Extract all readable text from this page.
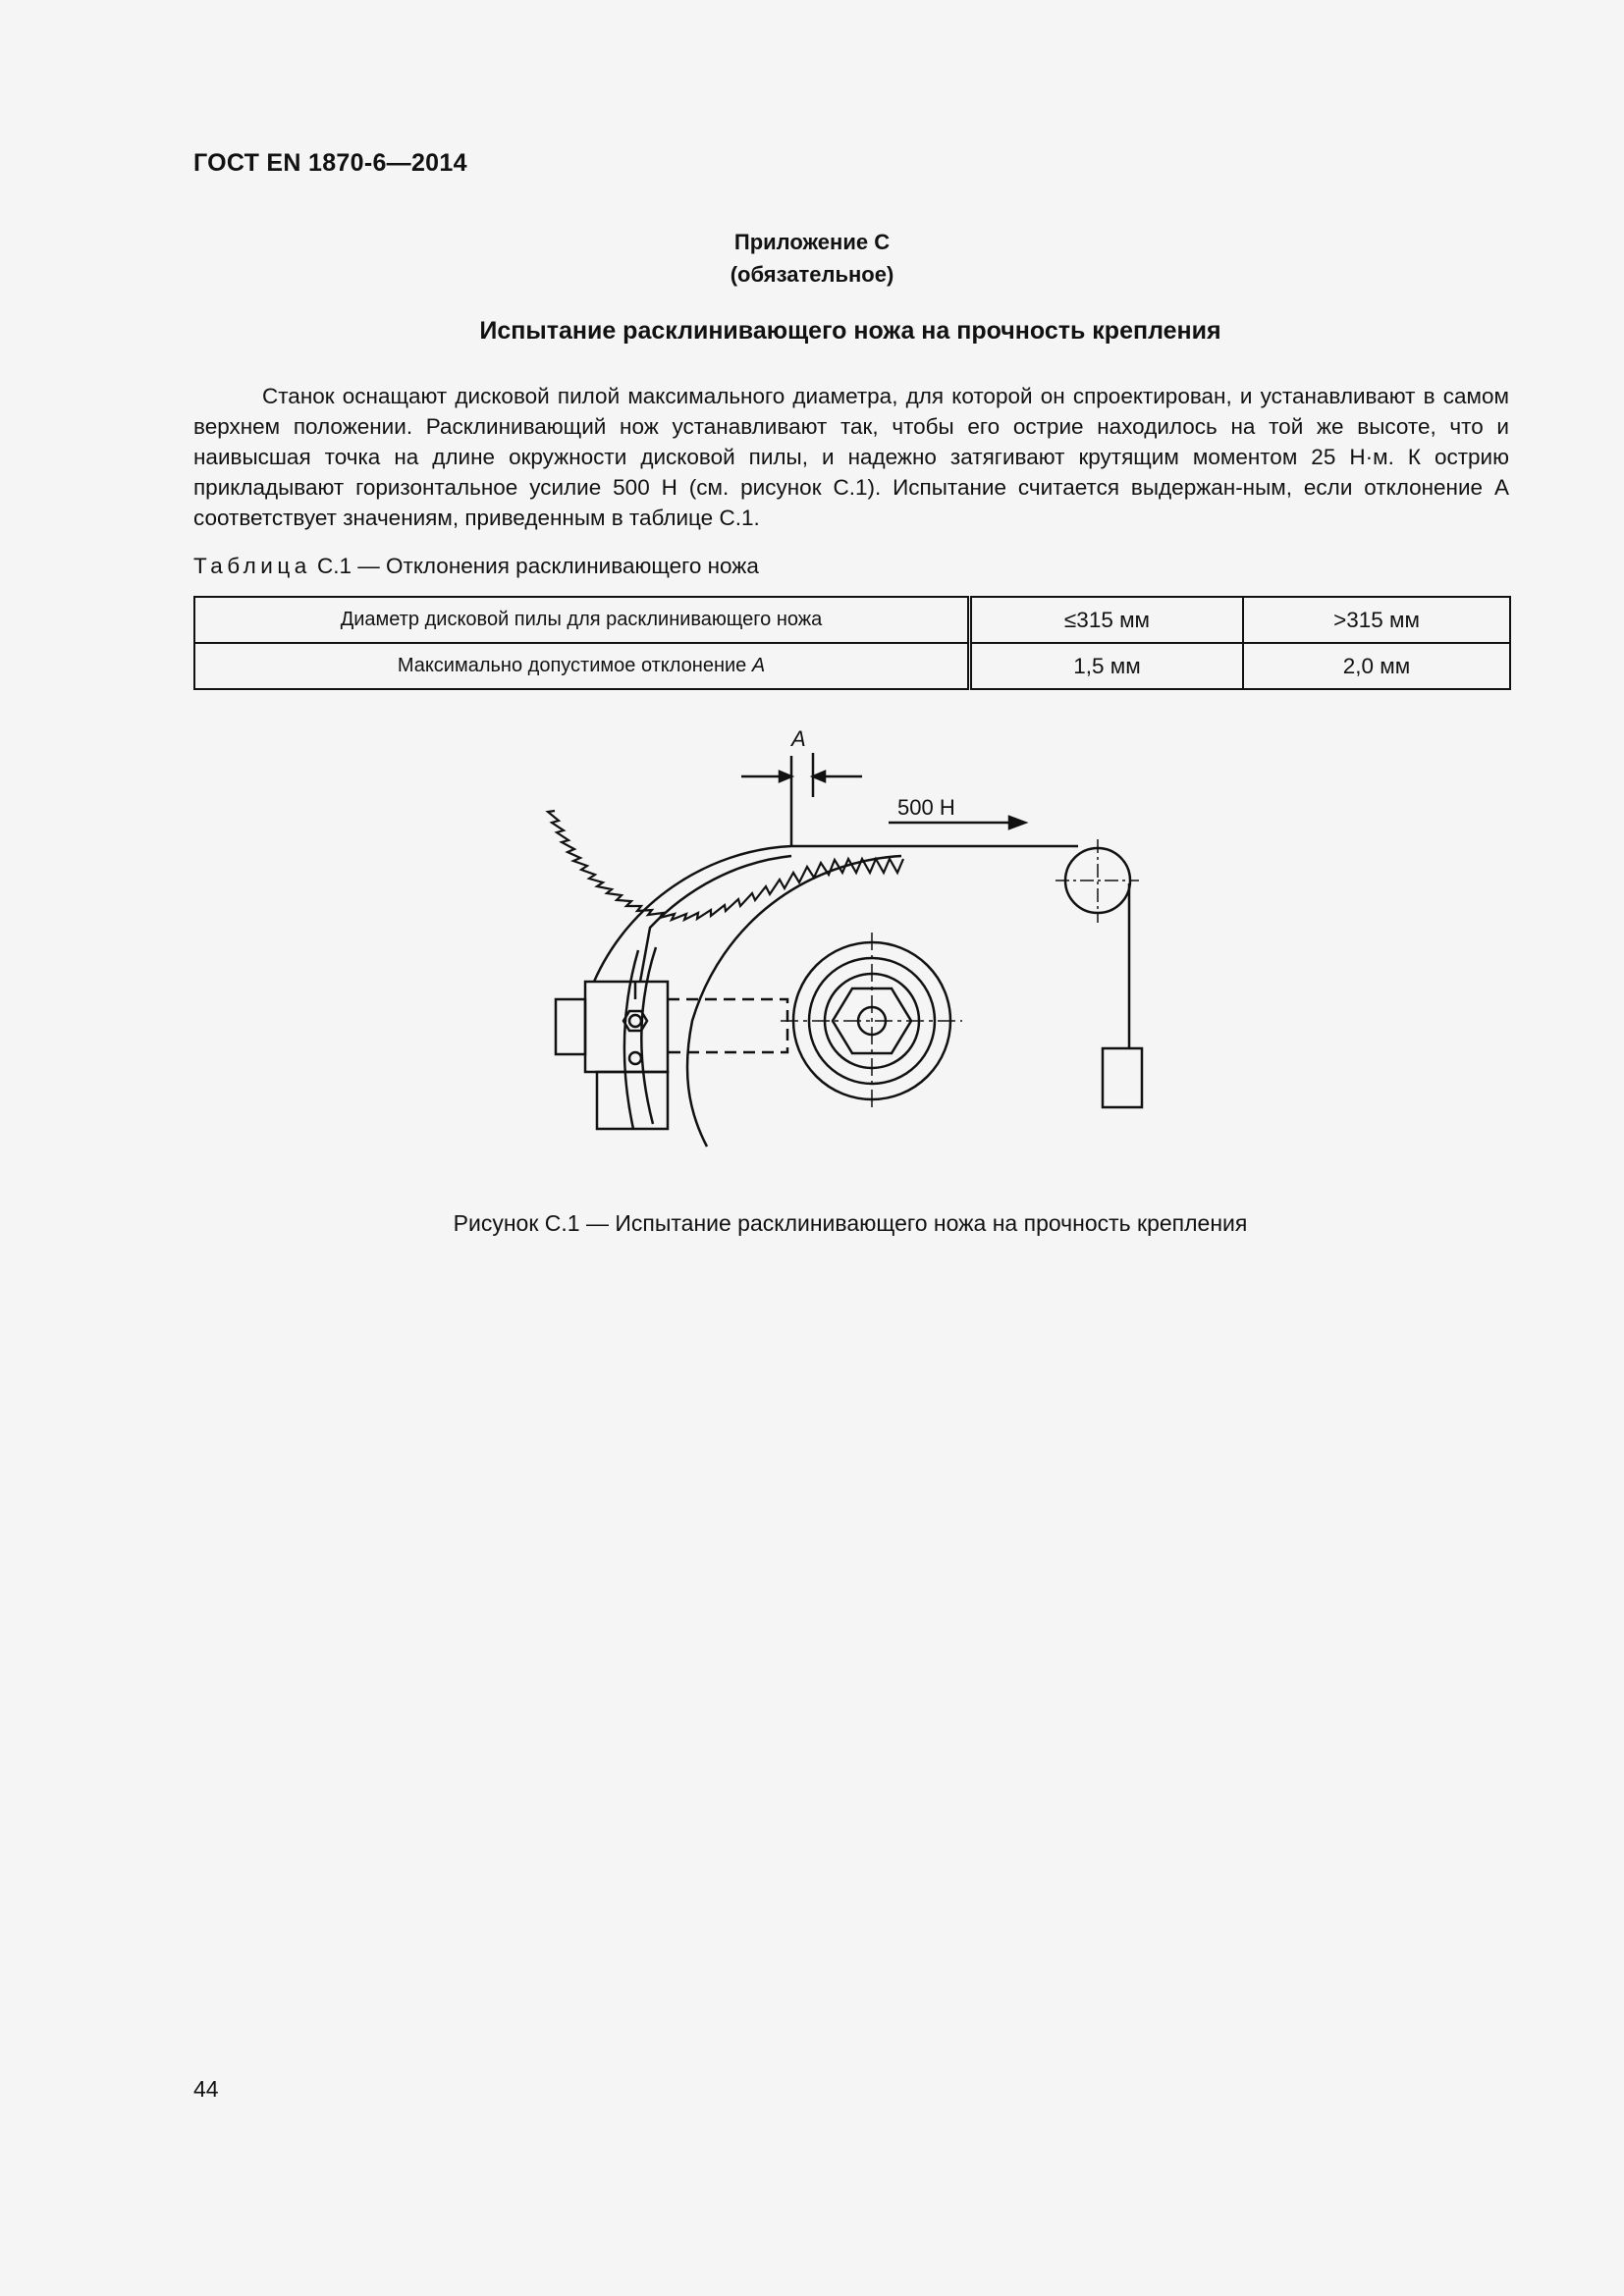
ГОСТ EN 1870-6—2014
Приложение С
(обязательное)
Испытание расклинивающего ножа на прочность крепления
Станок оснащают дисковой пилой максимального диаметра, для которой он спроектирован, и устанавливают в самом верхнем положении. Расклинивающий нож устанавливают так, чтобы его острие находилось на той же высоте, что и наивысшая точка на длине окружности дисковой пилы, и надежно затягивают крутящим моментом 25 Н·м. К острию прикладывают горизонтальное усилие 500 Н (см. рисунок С.1). Испытание считается выдержан-ным, если отклонение А соответствует значениям, приведенным в таблице С.1.
Таблица С.1 — Отклонения расклинивающего ножа
Диаметр дисковой пилы для расклинивающего ножа	≤315 мм	>315 мм
Максимально допустимое отклонение A	1,5 мм	2,0 мм
A
500 Н
Рисунок С.1 — Испытание расклинивающего ножа на прочность крепления
44
